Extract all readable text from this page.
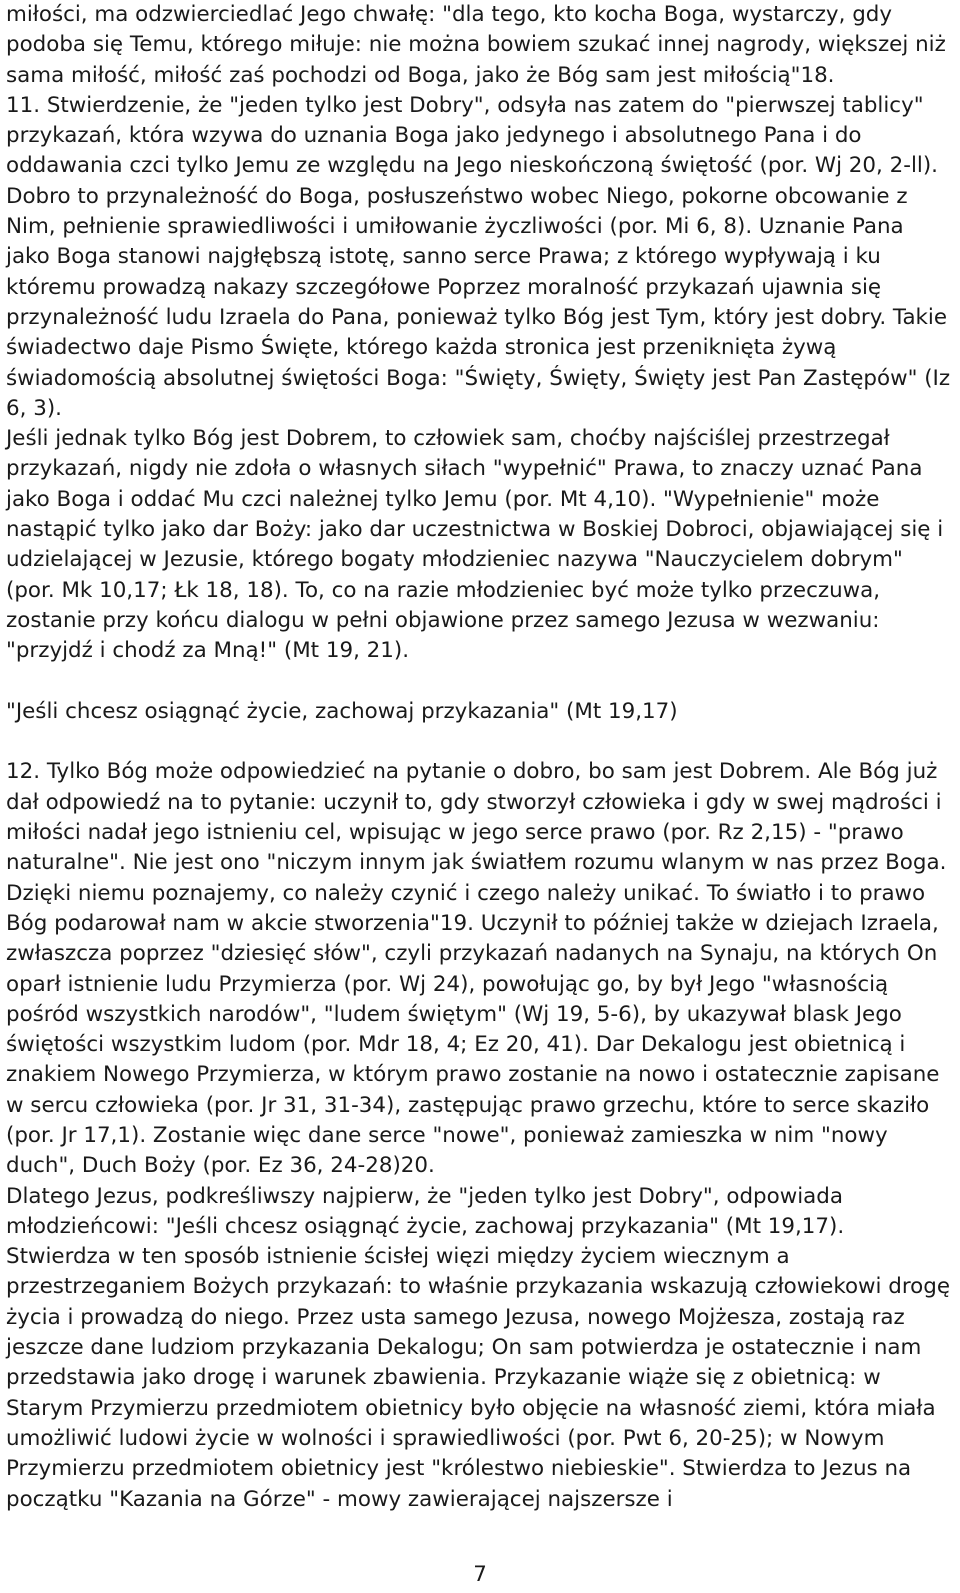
miłości, ma odzwierciedlać Jego chwałę: "dla tego, kto kocha Boga, wystarczy, gdy podoba się Temu, którego miłuje: nie można bowiem szukać innej nagrody, większej niż sama miłość, miłość zaś pochodzi od Boga, jako że Bóg sam jest miłością"18.

11. Stwierdzenie, że "jeden tylko jest Dobry", odsyła nas zatem do "pierwszej tablicy" przykazań, która wzywa do uznania Boga jako jedynego i absolutnego Pana i do oddawania czci tylko Jemu ze względu na Jego nieskończoną świętość (por. Wj 20, 2-ll). Dobro to przynależność do Boga, posłuszeństwo wobec Niego, pokorne obcowanie z Nim, pełnienie sprawiedliwości i umiłowanie życzliwości (por. Mi 6, 8). Uznanie Pana jako Boga stanowi najgłębszą istotę, sanno serce Prawa; z którego wypływają i ku któremu prowadzą nakazy szczegółowe Poprzez moralność przykazań ujawnia się przynależność ludu Izraela do Pana, ponieważ tylko Bóg jest Tym, który jest dobry. Takie świadectwo daje Pismo Święte, którego każda stronica jest przeniknięta żywą świadomością absolutnej świętości Boga: "Święty, Święty, Święty jest Pan Zastępów" (Iz 6, 3).

Jeśli jednak tylko Bóg jest Dobrem, to człowiek sam, choćby najściślej przestrzegał przykazań, nigdy nie zdoła o własnych siłach "wypełnić" Prawa, to znaczy uznać Pana jako Boga i oddać Mu czci należnej tylko Jemu (por. Mt 4,10). "Wypełnienie" może nastąpić tylko jako dar Boży: jako dar uczestnictwa w Boskiej Dobroci, objawiającej się i udzielającej w Jezusie, którego bogaty młodzieniec nazywa "Nauczycielem dobrym" (por. Mk 10,17; Łk 18, 18). To, co na razie młodzieniec być może tylko przeczuwa, zostanie przy końcu dialogu w pełni objawione przez samego Jezusa w wezwaniu: "przyjdź i chodź za Mną!" (Mt 19, 21).

"Jeśli chcesz osiągnąć życie, zachowaj przykazania" (Mt 19,17)

12. Tylko Bóg może odpowiedzieć na pytanie o dobro, bo sam jest Dobrem. Ale Bóg już dał odpowiedź na to pytanie: uczynił to, gdy stworzył człowieka i gdy w swej mądrości i miłości nadał jego istnieniu cel, wpisując w jego serce prawo (por. Rz 2,15) - "prawo naturalne". Nie jest ono "niczym innym jak światłem rozumu wlanym w nas przez Boga. Dzięki niemu poznajemy, co należy czynić i czego należy unikać. To światło i to prawo Bóg podarował nam w akcie stworzenia"19. Uczynił to później także w dziejach Izraela, zwłaszcza poprzez "dziesięć słów", czyli przykazań nadanych na Synaju, na których On oparł istnienie ludu Przymierza (por. Wj 24), powołując go, by był Jego "własnością pośród wszystkich narodów", "ludem świętym" (Wj 19, 5-6), by ukazywał blask Jego świętości wszystkim ludom (por. Mdr 18, 4; Ez 20, 41). Dar Dekalogu jest obietnicą i znakiem Nowego Przymierza, w którym prawo zostanie na nowo i ostatecznie zapisane w sercu człowieka (por. Jr 31, 31-34), zastępując prawo grzechu, które to serce skaziło (por. Jr 17,1). Zostanie więc dane serce "nowe", ponieważ zamieszka w nim "nowy duch", Duch Boży (por. Ez 36, 24-28)20.

Dlatego Jezus, podkreśliwszy najpierw, że "jeden tylko jest Dobry", odpowiada młodzieńcowi: "Jeśli chcesz osiągnąć życie, zachowaj przykazania" (Mt 19,17). Stwierdza w ten sposób istnienie ścisłej więzi między życiem wiecznym a przestrzeganiem Bożych przykazań: to właśnie przykazania wskazują człowiekowi drogę życia i prowadzą do niego. Przez usta samego Jezusa, nowego Mojżesza, zostają raz jeszcze dane ludziom przykazania Dekalogu; On sam potwierdza je ostatecznie i nam przedstawia jako drogę i warunek zbawienia. Przykazanie wiąże się z obietnicą: w Starym Przymierzu przedmiotem obietnicy było objęcie na własność ziemi, która miała umożliwić ludowi życie w wolności i sprawiedliwości (por. Pwt 6, 20-25); w Nowym Przymierzu przedmiotem obietnicy jest "królestwo niebieskie". Stwierdza to Jezus na początku "Kazania na Górze" - mowy zawierającej najszersze i

7
